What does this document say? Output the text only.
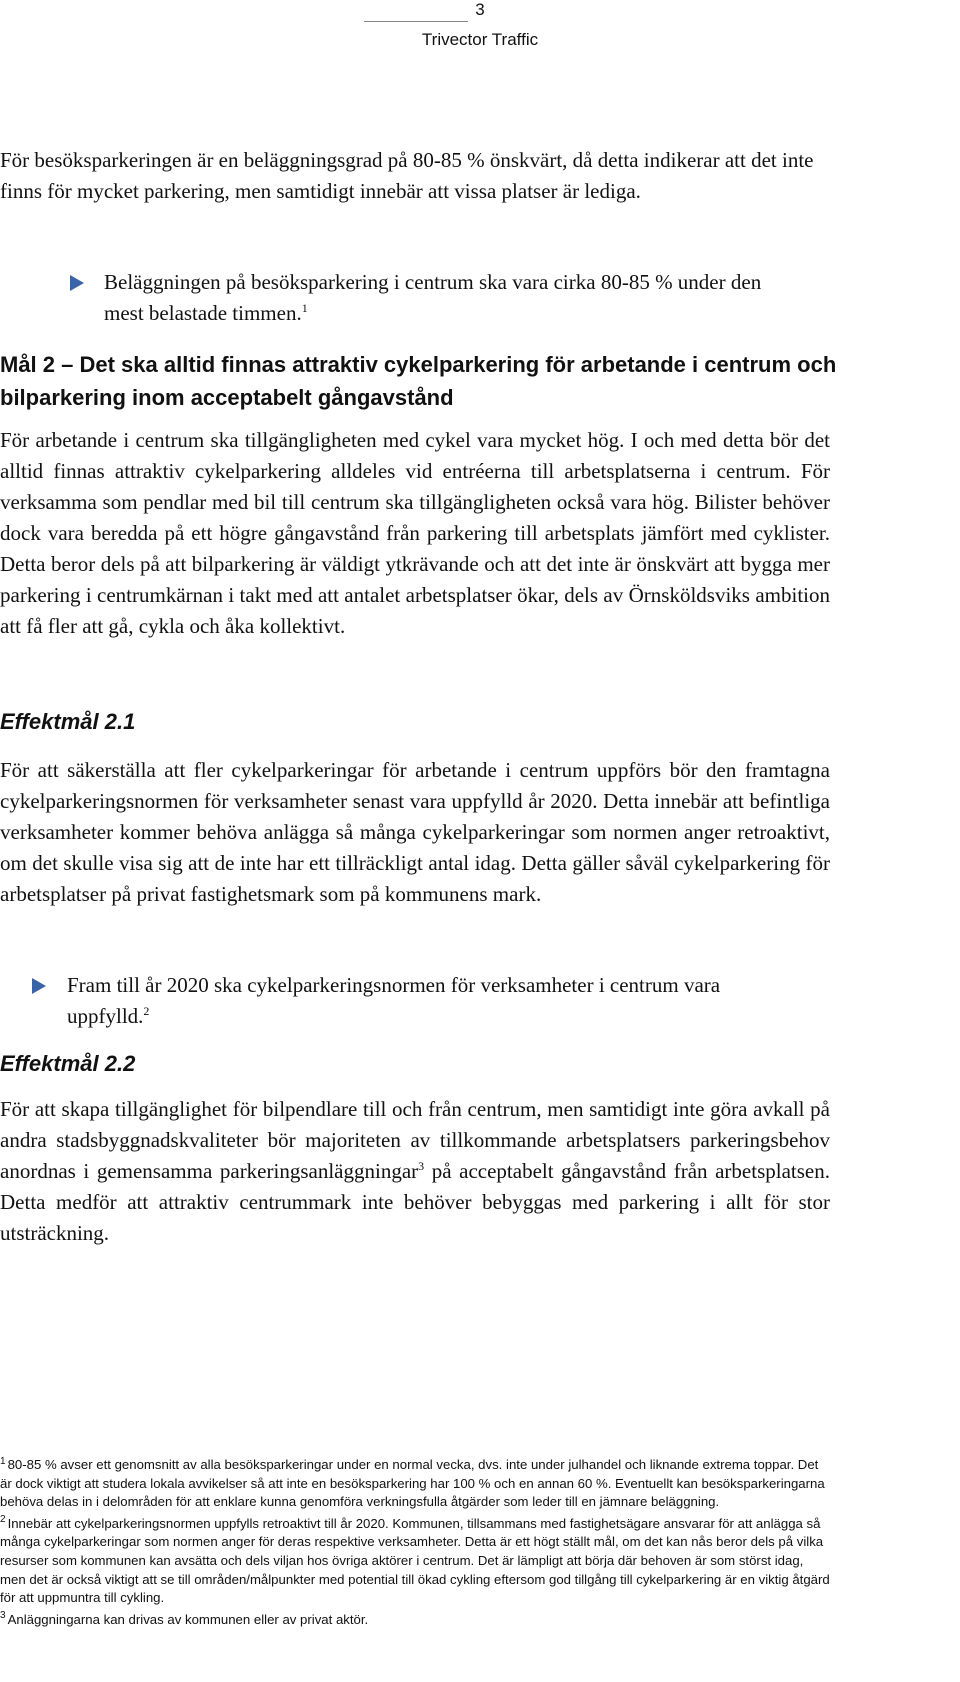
3
Trivector Traffic

För besöksparkeringen är en beläggningsgrad på 80-85 % önskvärt, då detta indikerar att det inte finns för mycket parkering, men samtidigt innebär att vissa platser är lediga.

Beläggningen på besöksparkering i centrum ska vara cirka 80-85 % under den mest belastade timmen.$^1$

Mål 2 – Det ska alltid finnas attraktiv cykelparkering för arbetande i centrum och bilparkering inom acceptabelt gångavstånd

För arbetande i centrum ska tillgängligheten med cykel vara mycket hög. I och med detta bör det alltid finnas attraktiv cykelparkering alldeles vid entréerna till arbetsplatserna i centrum. För verksamma som pendlar med bil till centrum ska tillgängligheten också vara hög. Bilister behöver dock vara beredda på ett högre gångavstånd från parkering till arbetsplats jämfört med cyklister. Detta beror dels på att bilparkering är väldigt ytkrävande och att det inte är önskvärt att bygga mer parkering i centrumkärnan i takt med att antalet arbetsplatser ökar, dels av Örnsköldsviks ambition att få fler att gå, cykla och åka kollektivt.

Effektmål 2.1

För att säkerställa att fler cykelparkeringar för arbetande i centrum uppförs bör den framtagna cykelparkeringsnormen för verksamheter senast vara uppfylld år 2020. Detta innebär att befintliga verksamheter kommer behöva anlägga så många cykelparkeringar som normen anger retroaktivt, om det skulle visa sig att de inte har ett tillräckligt antal idag. Detta gäller såväl cykelparkering för arbetsplatser på privat fastighetsmark som på kommunens mark.

Fram till år 2020 ska cykelparkeringsnormen för verksamheter i centrum vara uppfylld.$^2$

Effektmål 2.2

För att skapa tillgänglighet för bilpendlare till och från centrum, men samtidigt inte göra avkall på andra stadsbyggnadskvaliteter bör majoriteten av tillkommande arbetsplatsers parkeringsbehov anordnas i gemensamma parkeringsanläggningar$^3$ på acceptabelt gångavstånd från arbetsplatsen. Detta medför att attraktiv centrummark inte behöver bebyggas med parkering i allt för stor utsträckning.

$^1$ 80-85 % avser ett genomsnitt av alla besöksparkeringar under en normal vecka, dvs. inte under julhandel och liknande extrema toppar. Det är dock viktigt att studera lokala avvikelser så att inte en besöksparkering har 100 % och en annan 60 %. Eventuellt kan besöksparkeringarna behöva delas in i delområden för att enklare kunna genomföra verkningsfulla åtgärder som leder till en jämnare beläggning.

$^2$ Innebär att cykelparkeringsnormen uppfylls retroaktivt till år 2020. Kommunen, tillsammans med fastighetsägare ansvarar för att anlägga så många cykelparkeringar som normen anger för deras respektive verksamheter. Detta är ett högt ställt mål, om det kan nås beror dels på vilka resurser som kommunen kan avsätta och dels viljan hos övriga aktörer i centrum. Det är lämpligt att börja där behoven är som störst idag, men det är också viktigt att se till områden/målpunkter med potential till ökad cykling eftersom god tillgång till cykelparkering är en viktig åtgärd för att uppmuntra till cykling.

$^3$ Anläggningarna kan drivas av kommunen eller av privat aktör.
